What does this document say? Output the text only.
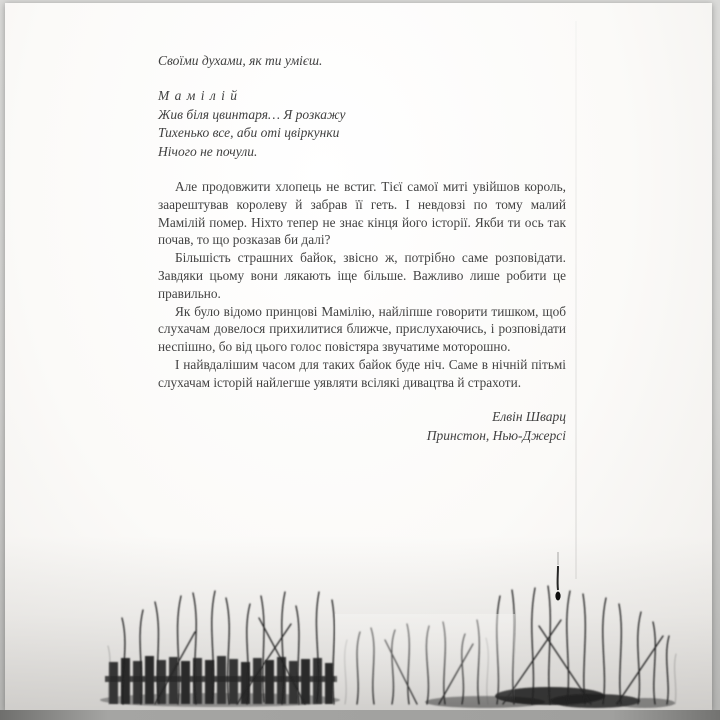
Своїми духами, як ти умієш.

М а м і л і й

Жив біля цвинтаря… Я розкажу

Тихенько все, аби оті цвіркунки

Нічого не почули.

Але продовжити хлопець не встиг. Тієї самої миті увійшов король, заарештував королеву й забрав її геть. І невдовзі по тому малий Мамілій помер. Ніхто тепер не знає кінця його історії. Якби ти ось так почав, то що розказав би далі?

Більшість страшних байок, звісно ж, потрібно саме розповідати. Завдяки цьому вони лякають іще більше. Важливо лише робити це правильно.

Як було відомо принцові Мамілію, найліпше говорити тишком, щоб слухачам довелося прихилитися ближче, прислухаючись, і розповідати неспішно, бо від цього голос повістяра звучатиме моторошно.

І найвдалішим часом для таких байок буде ніч. Саме в нічній пітьмі слухачам історій найлегше уявляти всілякі дивацтва й страхоти.

Елвін Шварц

Принстон, Нью-Джерсі
